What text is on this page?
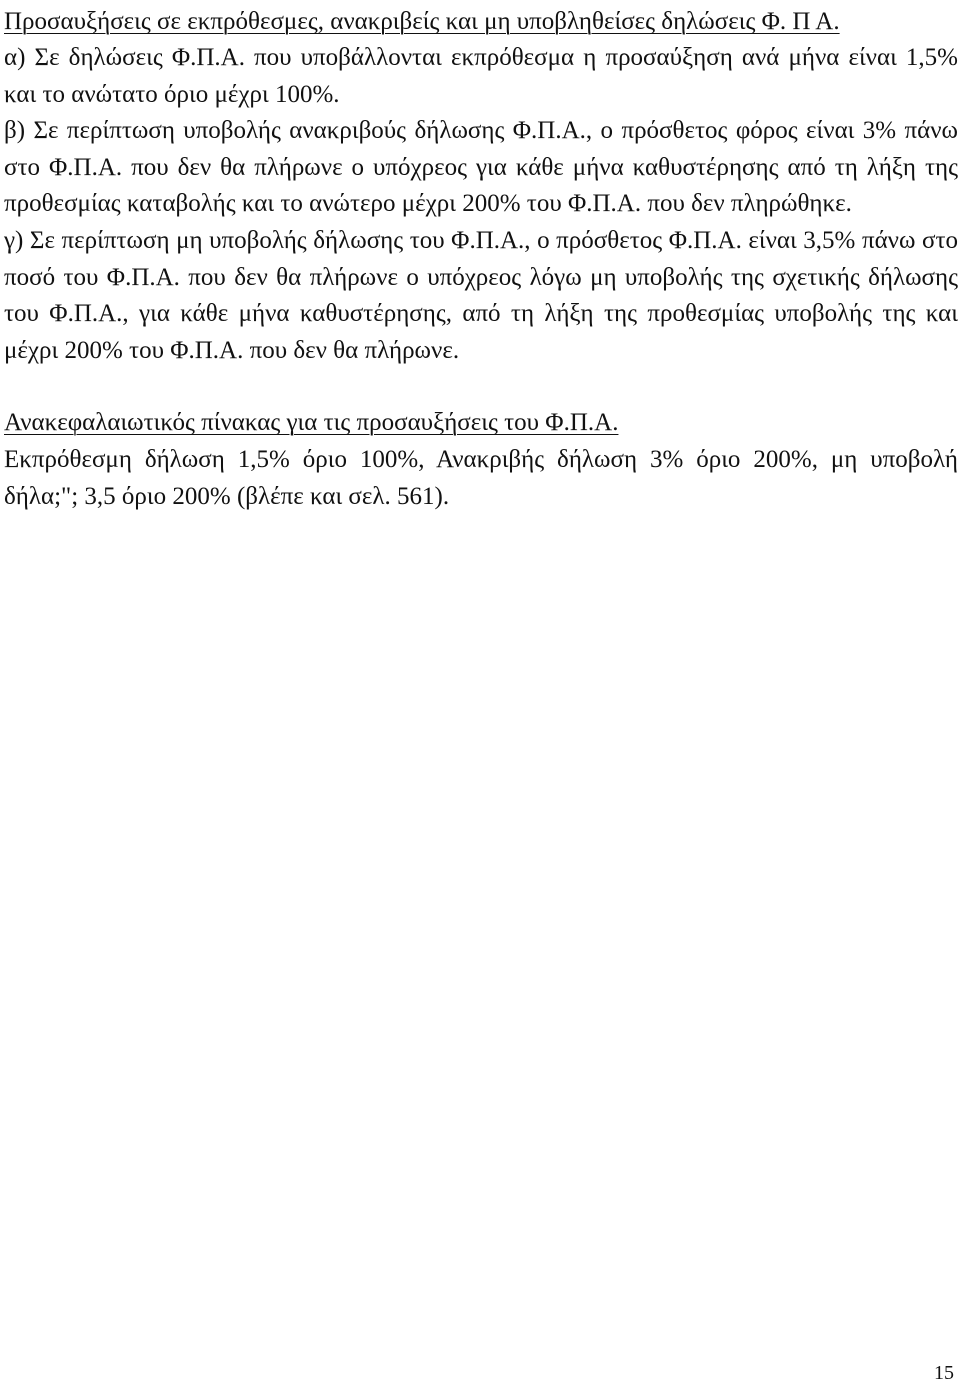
Προσαυξήσεις σε εκπρόθεσμες, ανακριβείς και μη υποβληθείσες δηλώσεις Φ. Π Α.

α) Σε δηλώσεις Φ.Π.Α. που υποβάλλονται εκπρόθεσμα η προσαύξηση ανά μήνα είναι 1,5% και το ανώτατο όριο μέχρι 100%.

β) Σε περίπτωση υποβολής ανακριβούς δήλωσης Φ.Π.Α., ο πρόσθετος φόρος είναι 3% πάνω στο Φ.Π.Α. που δεν θα πλήρωνε ο υπόχρεος για κάθε μήνα καθυστέρησης από τη λήξη της προθεσμίας καταβολής και το ανώτερο μέχρι 200% του Φ.Π.Α. που δεν πληρώθηκε.

γ) Σε περίπτωση μη υποβολής δήλωσης του Φ.Π.Α., ο πρόσθετος Φ.Π.Α. είναι 3,5% πάνω στο ποσό του Φ.Π.Α. που δεν θα πλήρωνε ο υπόχρεος λόγω μη υποβολής της σχετικής δήλωσης του Φ.Π.Α., για κάθε μήνα καθυστέρησης, από τη λήξη της προθεσμίας υποβολής της και μέχρι 200% του Φ.Π.Α. που δεν θα πλήρωνε.

Ανακεφαλαιωτικός πίνακας για τις προσαυξήσεις του Φ.Π.Α.

Εκπρόθεσμη δήλωση 1,5% όριο 100%, Ανακριβής δήλωση 3% όριο 200%, μη υποβολή δήλα;"; 3,5 όριο 200% (βλέπε και σελ. 561).

15
